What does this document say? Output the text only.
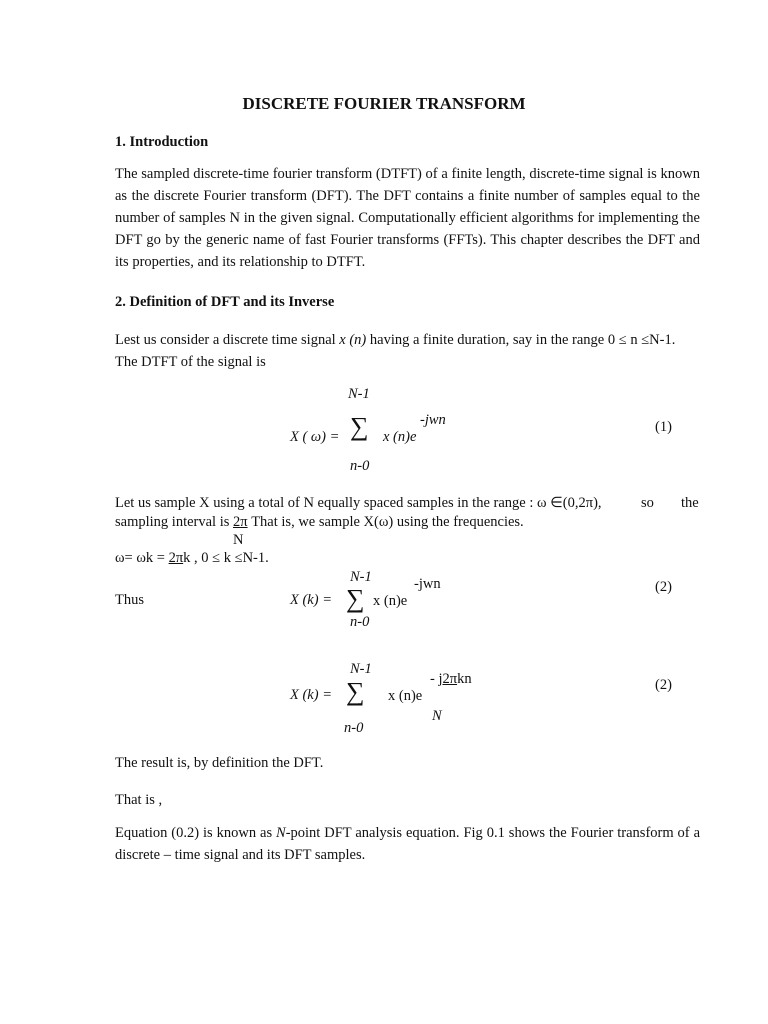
DISCRETE FOURIER TRANSFORM
1. Introduction
The sampled discrete-time fourier transform (DTFT) of a finite length, discrete-time signal is known as the discrete Fourier transform (DFT). The DFT contains a finite number of samples equal to the number of samples N in the given signal. Computationally efficient algorithms for implementing the DFT go by the generic name of fast Fourier transforms (FFTs). This chapter describes the DFT and its properties, and its relationship to DTFT.
2. Definition of DFT and its Inverse
Lest us consider a discrete time signal x (n) having a finite duration, say in the range 0 ≤ n ≤N-1.
The DTFT of the signal is
N-1
X ( ω) = ∑ x (n)e
-jwn	(1)
n-0
Let us sample X using a total of N equally spaced samples in the range : ω ∈(0,2π),	so the
sampling interval is 2π That is, we sample X(ω) using the frequencies.
N
ω= ωk = 2πk , 0 ≤ k ≤N-1.
N-1
Thus	X (k) = ∑ x (n)e
-jwn	(2)
n-0
N-1
X (k) = ∑ x (n)e
- j2πkn
N
(2)
n-0
The result is, by definition the DFT.
That is ,
Equation (0.2) is known as N-point DFT analysis equation. Fig 0.1 shows the Fourier transform of a discrete – time signal and its DFT samples.
